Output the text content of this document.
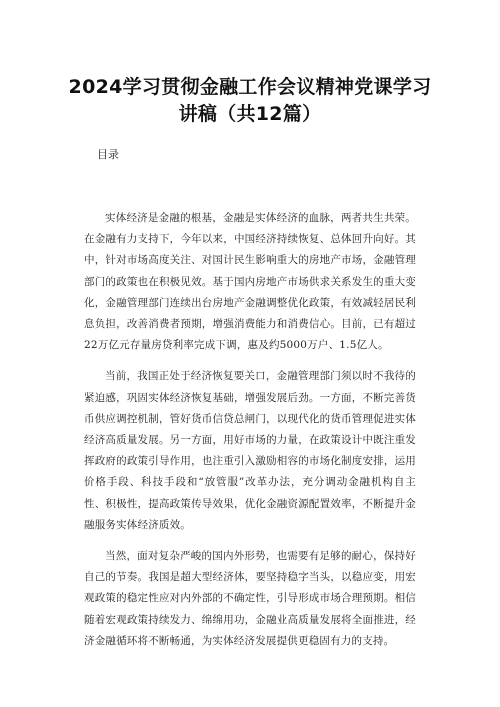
2024学习贯彻金融工作会议精神党课学习讲稿（共12篇）
目录

实体经济是金融的根基，金融是实体经济的血脉，两者共生共荣。在金融有力支持下，今年以来，中国经济持续恢复、总体回升向好。其中，针对市场高度关注、对国计民生影响重大的房地产市场，金融管理部门的政策也在积极见效。基于国内房地产市场供求关系发生的重大变化，金融管理部门连续出台房地产金融调整优化政策，有效减轻居民利息负担，改善消费者预期，增强消费能力和消费信心。目前，已有超过22万亿元存量房贷利率完成下调，惠及约5000万户、1.5亿人。

当前，我国正处于经济恢复要关口，金融管理部门须以时不我待的紧迫感，巩固实体经济恢复基础，增强发展后劲。一方面，不断完善货币供应调控机制，管好货币信贷总闸门，以现代化的货币管理促进实体经济高质量发展。另一方面，用好市场的力量，在政策设计中既注重发挥政府的政策引导作用，也注重引入激励相容的市场化制度安排，运用价格手段、科技手段和“放管服”改革办法，充分调动金融机构自主性、积极性，提高政策传导效果，优化金融资源配置效率，不断提升金融服务实体经济质效。

当然，面对复杂严峻的国内外形势，也需要有足够的耐心，保持好自己的节奏。我国是超大型经济体，要坚持稳字当头，以稳应变，用宏观政策的稳定性应对内外部的不确定性，引导形成市场合理预期。相信随着宏观政策持续发力、绵绵用功，金融业高质量发展将全面推进，经济金融循环将不断畅通，为实体经济发展提供更稳固有力的支持。
